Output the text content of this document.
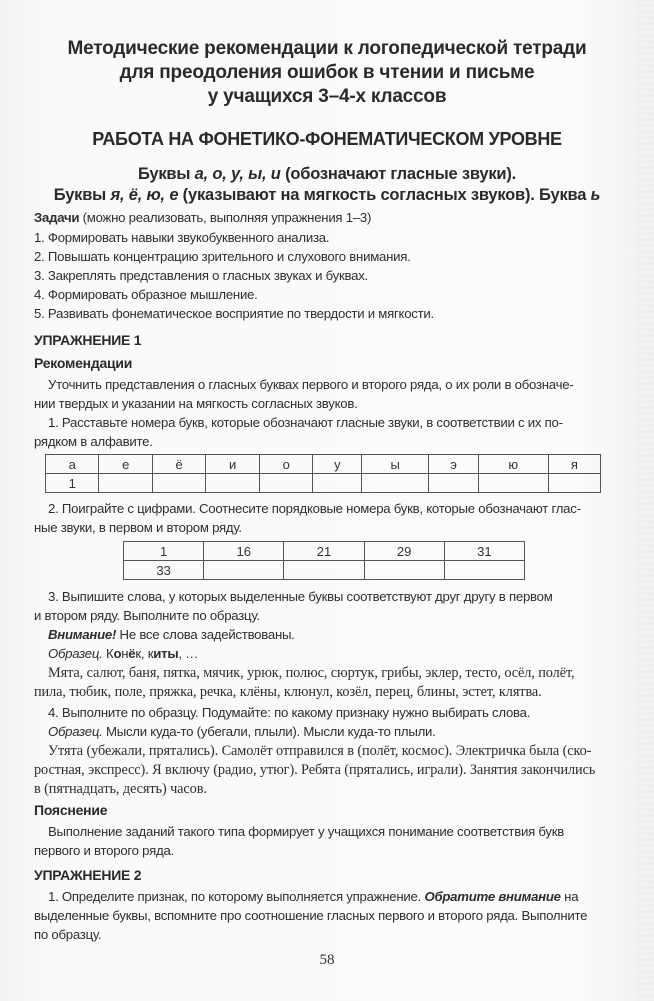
Методические рекомендации к логопедической тетради
для преодоления ошибок в чтении и письме
у учащихся 3–4-х классов
РАБОТА НА ФОНЕТИКО-ФОНЕМАТИЧЕСКОМ УРОВНЕ
Буквы а, о, у, ы, и (обозначают гласные звуки).
Буквы я, ё, ю, е (указывают на мягкость согласных звуков). Буква ь
Задачи (можно реализовать, выполняя упражнения 1–3)
1. Формировать навыки звукобуквенного анализа.
2. Повышать концентрацию зрительного и слухового внимания.
3. Закреплять представления о гласных звуках и буквах.
4. Формировать образное мышление.
5. Развивать фонематическое восприятие по твердости и мягкости.
УПРАЖНЕНИЕ 1
Рекомендации
Уточнить представления о гласных буквах первого и второго ряда, о их роли в обозначе-
нии твердых и указании на мягкость согласных звуков.
1. Расставьте номера букв, которые обозначают гласные звуки, в соответствии с их по-
рядком в алфавите.
а	е	ё	и	о	у	ы	э	ю	я
1									
2. Поиграйте с цифрами. Соотнесите порядковые номера букв, которые обозначают глас-
ные звуки, в первом и втором ряду.
1	16	21	29	31
33				
3. Выпишите слова, у которых выделенные буквы соответствуют друг другу в первом
и втором ряду. Выполните по образцу.
Внимание! Не все слова задействованы.
Образец. Конёк, киты, …
Мята, салют, баня, пятка, мячик, урюк, полюс, сюртук, грибы, эклер, тесто, осёл, полёт,
пила, тюбик, поле, пряжка, речка, клёны, клюнул, козёл, перец, блины, эстет, клятва.
4. Выполните по образцу. Подумайте: по какому признаку нужно выбирать слова.
Образец. Мысли куда-то (убегали, плыли). Мысли куда-то плыли.
Утята (убежали, прятались). Самолёт отправился в (полёт, космос). Электричка была (ско-
ростная, экспресс). Я включу (радио, утюг). Ребята (прятались, играли). Занятия закончились
в (пятнадцать, десять) часов.
Пояснение
Выполнение заданий такого типа формирует у учащихся понимание соответствия букв
первого и второго ряда.
УПРАЖНЕНИЕ 2
1. Определите признак, по которому выполняется упражнение. Обратите внимание на
выделенные буквы, вспомните про соотношение гласных первого и второго ряда. Выполните
по образцу.
58
